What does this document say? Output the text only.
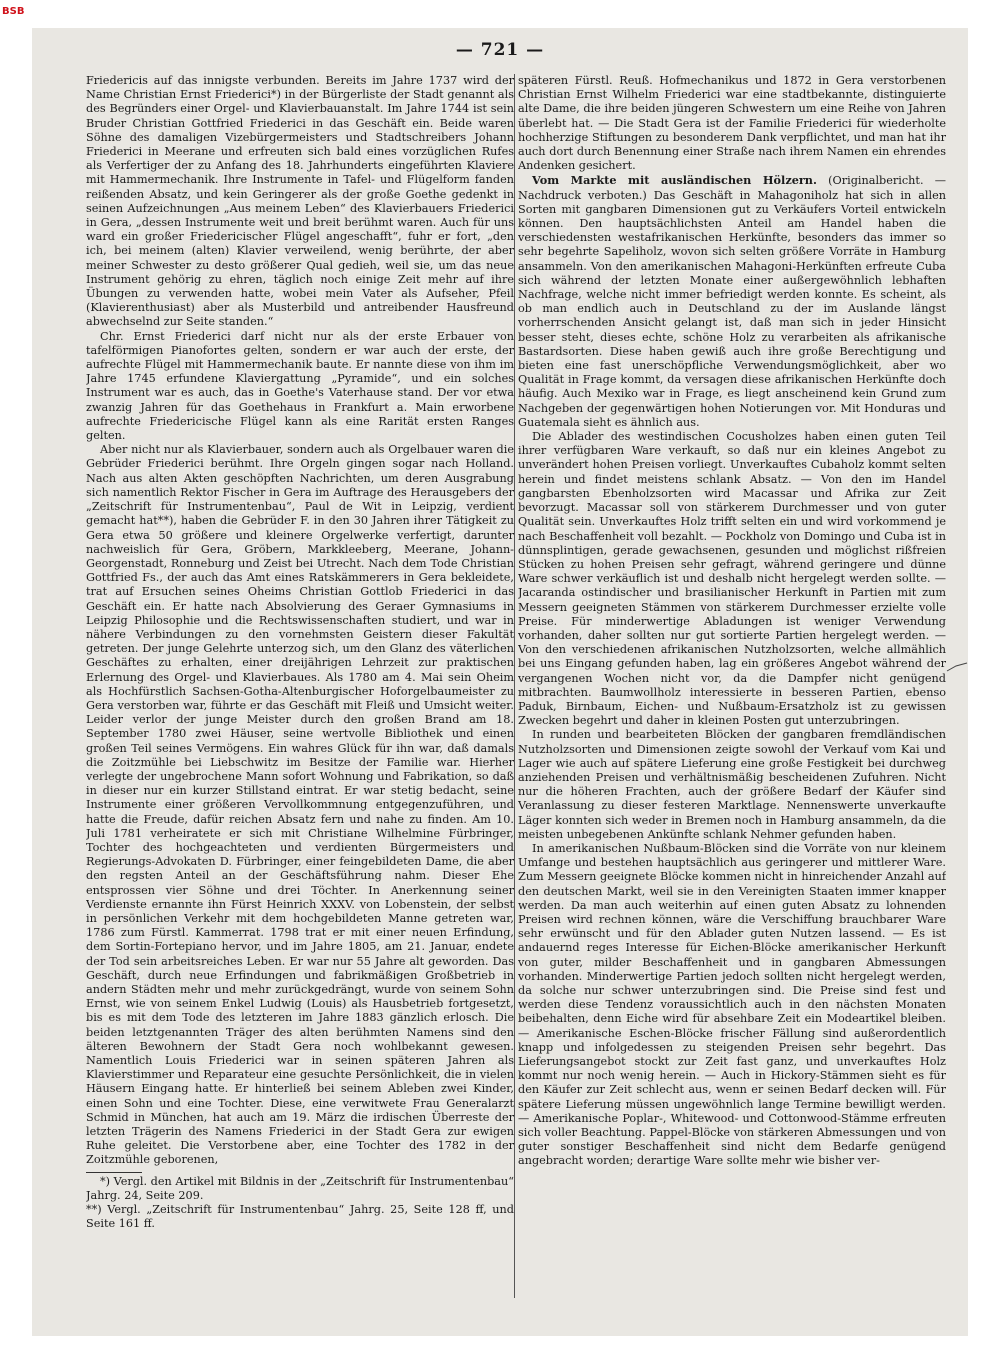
BSB
— 721 —

Friedericis auf das innigste verbunden. Bereits im Jahre 1737 wird der Name Christian Ernst Friederici*) in der Bürgerliste der Stadt genannt als des Begründers einer Orgel- und Klavierbauanstalt. Im Jahre 1744 ist sein Bruder Christian Gottfried Friederici in das Geschäft ein. Beide waren Söhne des damaligen Vizebürgermeisters und Stadtschreibers Johann Friederici in Meerane und erfreuten sich bald eines vorzüglichen Rufes als Verfertiger der zu Anfang des 18. Jahrhunderts eingeführten Klaviere mit Hammermechanik. Ihre Instrumente in Tafel- und Flügelform fanden reißenden Absatz, und kein Geringerer als der große Goethe gedenkt in seinen Aufzeichnungen „Aus meinem Leben“ des Klavierbauers Friederici in Gera, „dessen Instrumente weit und breit berühmt waren. Auch für uns ward ein großer Friedericischer Flügel angeschafft“, fuhr er fort, „den ich, bei meinem (alten) Klavier verweilend, wenig berührte, der aber meiner Schwester zu desto größerer Qual gedieh, weil sie, um das neue Instrument gehörig zu ehren, täglich noch einige Zeit mehr auf ihre Übungen zu verwenden hatte, wobei mein Vater als Aufseher, Pfeil (Klavierenthusiast) aber als Musterbild und antreibender Hausfreund abwechselnd zur Seite standen.“

Chr. Ernst Friederici darf nicht nur als der erste Erbauer von tafelförmigen Pianofortes gelten, sondern er war auch der erste, der aufrechte Flügel mit Hammermechanik baute. Er nannte diese von ihm im Jahre 1745 erfundene Klaviergattung „Pyramide“, und ein solches Instrument war es auch, das in Goethe's Vaterhause stand. Der vor etwa zwanzig Jahren für das Goethehaus in Frankfurt a. Main erworbene aufrechte Friedericische Flügel kann als eine Rarität ersten Ranges gelten.

Aber nicht nur als Klavierbauer, sondern auch als Orgelbauer waren die Gebrüder Friederici berühmt. Ihre Orgeln gingen sogar nach Holland. Nach aus alten Akten geschöpften Nachrichten, um deren Ausgrabung sich namentlich Rektor Fischer in Gera im Auftrage des Herausgebers der „Zeitschrift für Instrumentenbau“, Paul de Wit in Leipzig, verdient gemacht hat**), haben die Gebrüder F. in den 30 Jahren ihrer Tätigkeit zu Gera etwa 50 größere und kleinere Orgelwerke verfertigt, darunter nachweislich für Gera, Gröbern, Markkleeberg, Meerane, Johann-Georgenstadt, Ronneburg und Zeist bei Utrecht. Nach dem Tode Christian Gottfried Fs., der auch das Amt eines Ratskämmerers in Gera bekleidete, trat auf Ersuchen seines Oheims Christian Gottlob Friederici in das Geschäft ein. Er hatte nach Absolvierung des Geraer Gymnasiums in Leipzig Philosophie und die Rechtswissenschaften studiert, und war in nähere Verbindungen zu den vornehmsten Geistern dieser Fakultät getreten. Der junge Gelehrte unterzog sich, um den Glanz des väterlichen Geschäftes zu erhalten, einer dreijährigen Lehrzeit zur praktischen Erlernung des Orgel- und Klavierbaues. Als 1780 am 4. Mai sein Oheim als Hochfürstlich Sachsen-Gotha-Altenburgischer Hoforgelbaumeister zu Gera verstorben war, führte er das Geschäft mit Fleiß und Umsicht weiter. Leider verlor der junge Meister durch den großen Brand am 18. September 1780 zwei Häuser, seine wertvolle Bibliothek und einen großen Teil seines Vermögens. Ein wahres Glück für ihn war, daß damals die Zoitzmühle bei Liebschwitz im Besitze der Familie war. Hierher verlegte der ungebrochene Mann sofort Wohnung und Fabrikation, so daß in dieser nur ein kurzer Stillstand eintrat. Er war stetig bedacht, seine Instrumente einer größeren Vervollkommnung entgegenzuführen, und hatte die Freude, dafür reichen Absatz fern und nahe zu finden. Am 10. Juli 1781 verheiratete er sich mit Christiane Wilhelmine Fürbringer, Tochter des hochgeachteten und verdienten Bürgermeisters und Regierungs-Advokaten D. Fürbringer, einer feingebildeten Dame, die aber den regsten Anteil an der Geschäftsführung nahm. Dieser Ehe entsprossen vier Söhne und drei Töchter. In Anerkennung seiner Verdienste ernannte ihn Fürst Heinrich XXXV. von Lobenstein, der selbst in persönlichen Verkehr mit dem hochgebildeten Manne getreten war, 1786 zum Fürstl. Kammerrat. 1798 trat er mit einer neuen Erfindung, dem Sortin-Fortepiano hervor, und im Jahre 1805, am 21. Januar, endete der Tod sein arbeitsreiches Leben. Er war nur 55 Jahre alt geworden. Das Geschäft, durch neue Erfindungen und fabrikmäßigen Großbetrieb in andern Städten mehr und mehr zurückgedrängt, wurde von seinem Sohn Ernst, wie von seinem Enkel Ludwig (Louis) als Hausbetrieb fortgesetzt, bis es mit dem Tode des letzteren im Jahre 1883 gänzlich erlosch. Die beiden letztgenannten Träger des alten berühmten Namens sind den älteren Bewohnern der Stadt Gera noch wohlbekannt gewesen. Namentlich Louis Friederici war in seinen späteren Jahren als Klavierstimmer und Reparateur eine gesuchte Persönlichkeit, die in vielen Häusern Eingang hatte. Er hinterließ bei seinem Ableben zwei Kinder, einen Sohn und eine Tochter. Diese, eine verwitwete Frau Generalarzt Schmid in München, hat auch am 19. März die irdischen Überreste der letzten Trägerin des Namens Friederici in der Stadt Gera zur ewigen Ruhe geleitet. Die Verstorbene aber, eine Tochter des 1782 in der Zoitzmühle geborenen,

*) Vergl. den Artikel mit Bildnis in der „Zeitschrift für Instrumentenbau“ Jahrg. 24, Seite 209.

**) Vergl. „Zeitschrift für Instrumentenbau“ Jahrg. 25, Seite 128 ff, und Seite 161 ff.

späteren Fürstl. Reuß. Hofmechanikus und 1872 in Gera verstorbenen Christian Ernst Wilhelm Friederici war eine stadtbekannte, distinguierte alte Dame, die ihre beiden jüngeren Schwestern um eine Reihe von Jahren überlebt hat. — Die Stadt Gera ist der Familie Friederici für wiederholte hochherzige Stiftungen zu besonderem Dank verpflichtet, und man hat ihr auch dort durch Benennung einer Straße nach ihrem Namen ein ehrendes Andenken gesichert.

Vom Markte mit ausländischen Hölzern. (Originalbericht. — Nachdruck verboten.) Das Geschäft in Mahagoniholz hat sich in allen Sorten mit gangbaren Dimensionen gut zu Verkäufers Vorteil entwickeln können. Den hauptsächlichsten Anteil am Handel haben die verschiedensten westafrikanischen Herkünfte, besonders das immer so sehr begehrte Sapeliholz, wovon sich selten größere Vorräte in Hamburg ansammeln. Von den amerikanischen Mahagoni-Herkünften erfreute Cuba sich während der letzten Monate einer außergewöhnlich lebhaften Nachfrage, welche nicht immer befriedigt werden konnte. Es scheint, als ob man endlich auch in Deutschland zu der im Auslande längst vorherrschenden Ansicht gelangt ist, daß man sich in jeder Hinsicht besser steht, dieses echte, schöne Holz zu verarbeiten als afrikanische Bastardsorten. Diese haben gewiß auch ihre große Berechtigung und bieten eine fast unerschöpfliche Verwendungsmöglichkeit, aber wo Qualität in Frage kommt, da versagen diese afrikanischen Herkünfte doch häufig. Auch Mexiko war in Frage, es liegt anscheinend kein Grund zum Nachgeben der gegenwärtigen hohen Notierungen vor. Mit Honduras und Guatemala sieht es ähnlich aus.

Die Ablader des westindischen Cocusholzes haben einen guten Teil ihrer verfügbaren Ware verkauft, so daß nur ein kleines Angebot zu unverändert hohen Preisen vorliegt. Unverkauftes Cubaholz kommt selten herein und findet meistens schlank Absatz. — Von den im Handel gangbarsten Ebenholzsorten wird Macassar und Afrika zur Zeit bevorzugt. Macassar soll von stärkerem Durchmesser und von guter Qualität sein. Unverkauftes Holz trifft selten ein und wird vorkommend je nach Beschaffenheit voll bezahlt. — Pockholz von Domingo und Cuba ist in dünnsplintigen, gerade gewachsenen, gesunden und möglichst rißfreien Stücken zu hohen Preisen sehr gefragt, während geringere und dünne Ware schwer verkäuflich ist und deshalb nicht hergelegt werden sollte. — Jacaranda ostindischer und brasilianischer Herkunft in Partien mit zum Messern geeigneten Stämmen von stärkerem Durchmesser erzielte volle Preise. Für minderwertige Abladungen ist weniger Verwendung vorhanden, daher sollten nur gut sortierte Partien hergelegt werden. — Von den verschiedenen afrikanischen Nutzholzsorten, welche allmählich bei uns Eingang gefunden haben, lag ein größeres Angebot während der vergangenen Wochen nicht vor, da die Dampfer nicht genügend mitbrachten. Baumwollholz interessierte in besseren Partien, ebenso Paduk, Birnbaum, Eichen- und Nußbaum-Ersatzholz ist zu gewissen Zwecken begehrt und daher in kleinen Posten gut unterzubringen.

In runden und bearbeiteten Blöcken der gangbaren fremdländischen Nutzholzsorten und Dimensionen zeigte sowohl der Verkauf vom Kai und Lager wie auch auf spätere Lieferung eine große Festigkeit bei durchweg anziehenden Preisen und verhältnismäßig bescheidenen Zufuhren. Nicht nur die höheren Frachten, auch der größere Bedarf der Käufer sind Veranlassung zu dieser festeren Marktlage. Nennenswerte unverkaufte Läger konnten sich weder in Bremen noch in Hamburg ansammeln, da die meisten unbegebenen Ankünfte schlank Nehmer gefunden haben.

In amerikanischen Nußbaum-Blöcken sind die Vorräte von nur kleinem Umfange und bestehen hauptsächlich aus geringerer und mittlerer Ware. Zum Messern geeignete Blöcke kommen nicht in hinreichender Anzahl auf den deutschen Markt, weil sie in den Vereinigten Staaten immer knapper werden. Da man auch weiterhin auf einen guten Absatz zu lohnenden Preisen wird rechnen können, wäre die Verschiffung brauchbarer Ware sehr erwünscht und für den Ablader guten Nutzen lassend. — Es ist andauernd reges Interesse für Eichen-Blöcke amerikanischer Herkunft von guter, milder Beschaffenheit und in gangbaren Abmessungen vorhanden. Minderwertige Partien jedoch sollten nicht hergelegt werden, da solche nur schwer unterzubringen sind. Die Preise sind fest und werden diese Tendenz voraussichtlich auch in den nächsten Monaten beibehalten, denn Eiche wird für absehbare Zeit ein Modeartikel bleiben. — Amerikanische Eschen-Blöcke frischer Fällung sind außerordentlich knapp und infolgedessen zu steigenden Preisen sehr begehrt. Das Lieferungsangebot stockt zur Zeit fast ganz, und unverkauftes Holz kommt nur noch wenig herein. — Auch in Hickory-Stämmen sieht es für den Käufer zur Zeit schlecht aus, wenn er seinen Bedarf decken will. Für spätere Lieferung müssen ungewöhnlich lange Termine bewilligt werden. — Amerikanische Poplar-, Whitewood- und Cottonwood-Stämme erfreuten sich voller Beachtung. Pappel-Blöcke von stärkeren Abmessungen und von guter sonstiger Beschaffenheit sind nicht dem Bedarfe genügend angebracht worden; derartige Ware sollte mehr wie bisher ver-
